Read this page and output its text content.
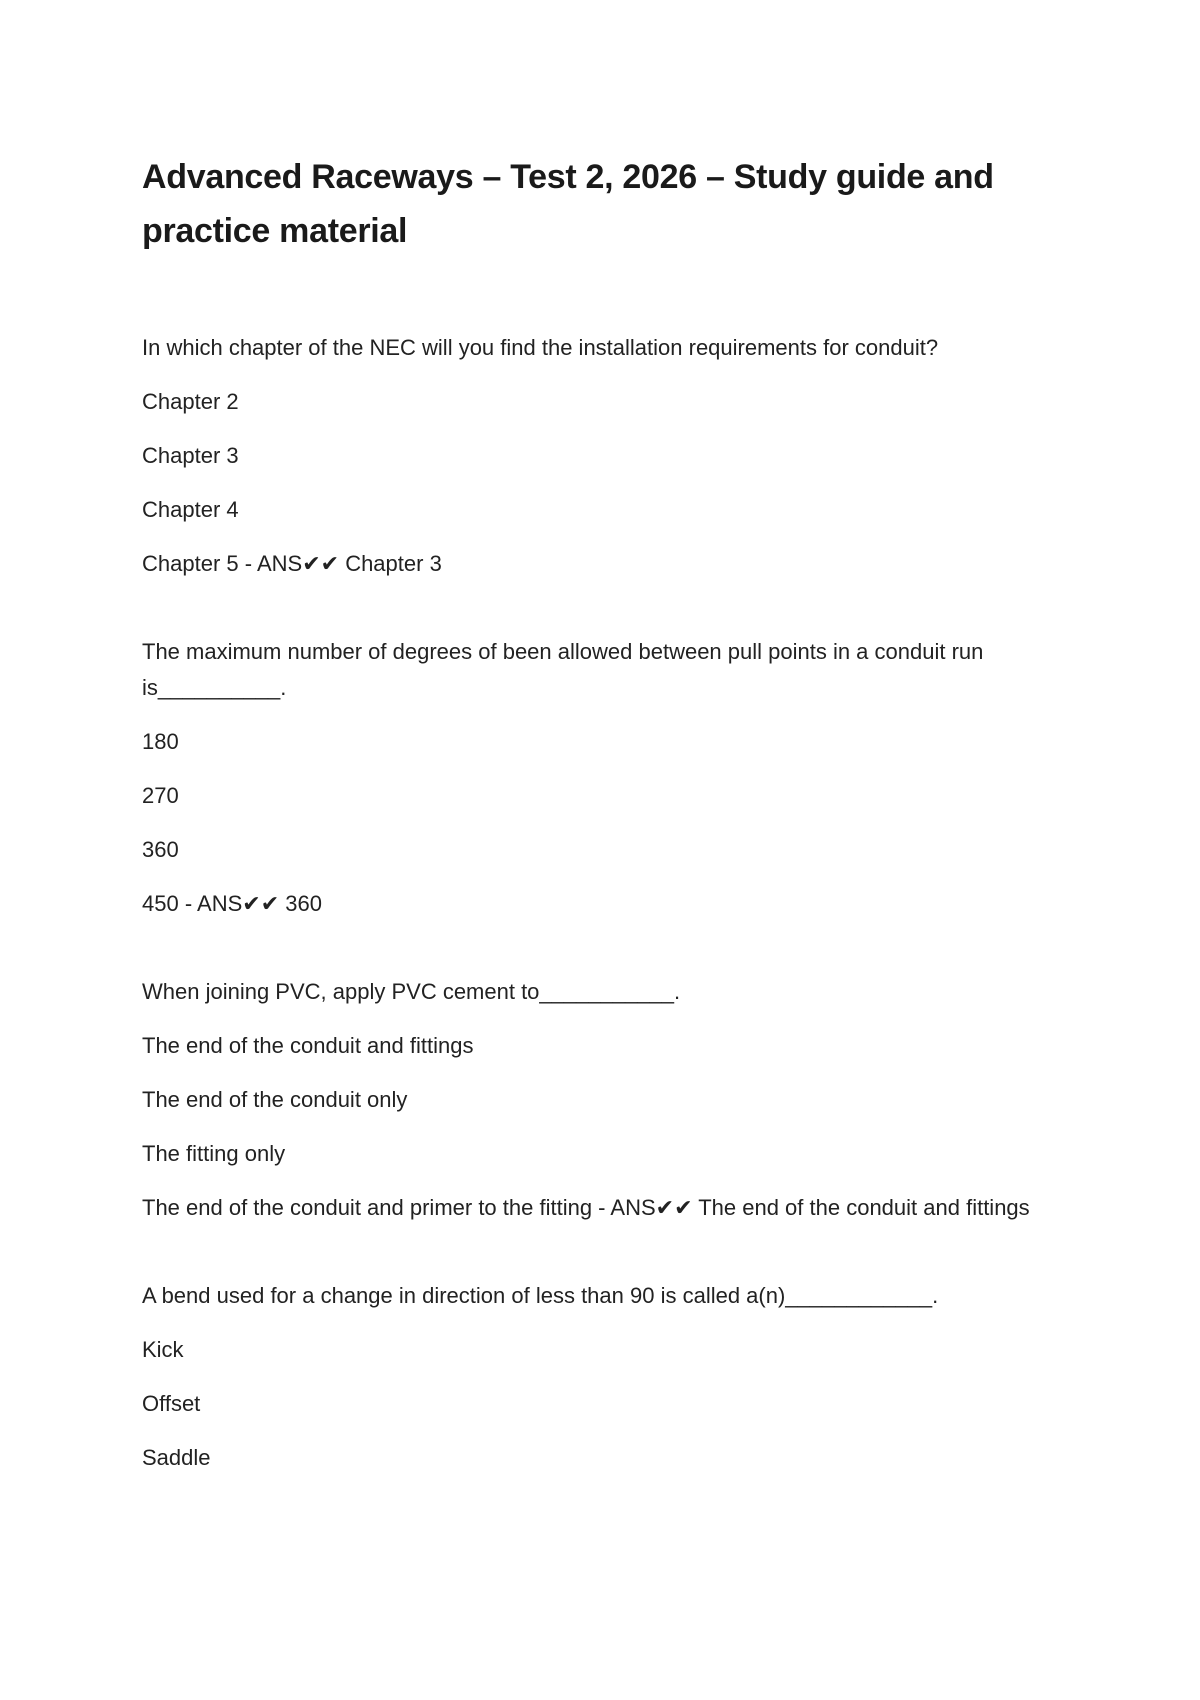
Advanced Raceways – Test 2, 2026 – Study guide and practice material

In which chapter of the NEC will you find the installation requirements for conduit?

Chapter 2

Chapter 3

Chapter 4

Chapter 5 - ANS✔✔ Chapter 3

The maximum number of degrees of been allowed between pull points in a conduit run is__________.

180

270

360

450 - ANS✔✔ 360

When joining PVC, apply PVC cement to___________.

The end of the conduit and fittings

The end of the conduit only

The fitting only

The end of the conduit and primer to the fitting - ANS✔✔ The end of the conduit and fittings

A bend used for a change in direction of less than 90 is called a(n)____________.

Kick

Offset

Saddle
